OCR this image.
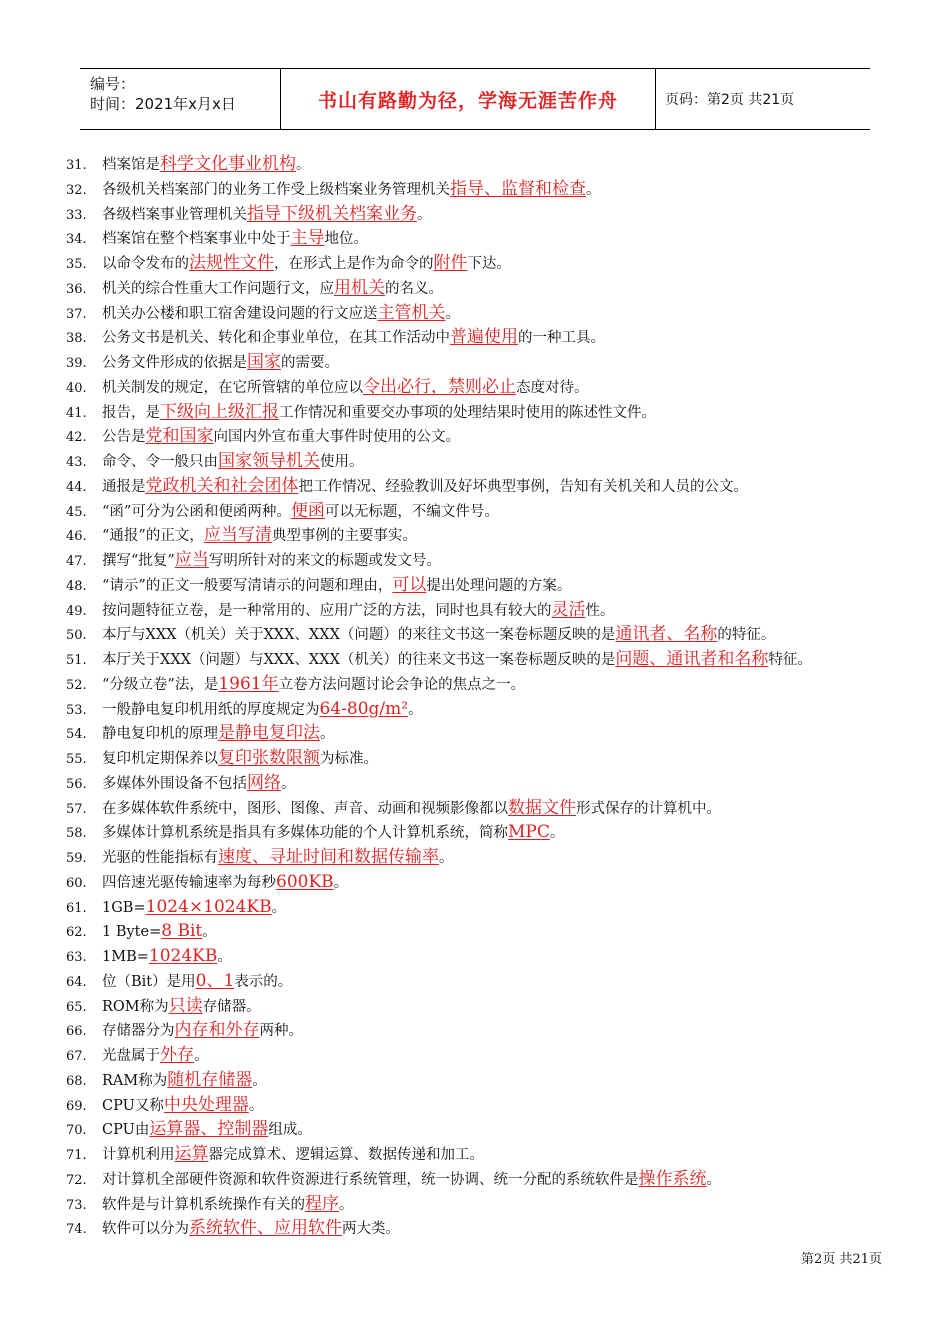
编号：
时间：2021年x月x日	书山有路勤为径，学海无涯苦作舟	页码：第2页 共21页
31. 档案馆是科学文化事业机构。
32. 各级机关档案部门的业务工作受上级档案业务管理机关指导、监督和检查。
33. 各级档案事业管理机关指导下级机关档案业务。
34. 档案馆在整个档案事业中处于主导地位。
35. 以命令发布的法规性文件，在形式上是作为命令的附件下达。
36. 机关的综合性重大工作问题行文，应用机关的名义。
37. 机关办公楼和职工宿舍建设问题的行文应送主管机关。
38. 公务文书是机关、转化和企事业单位，在其工作活动中普遍使用的一种工具。
39. 公务文件形成的依据是国家的需要。
40. 机关制发的规定，在它所管辖的单位应以令出必行，禁则必止态度对待。
41. 报告，是下级向上级汇报工作情况和重要交办事项的处理结果时使用的陈述性文件。
42. 公告是党和国家向国内外宣布重大事件时使用的公文。
43. 命令、令一般只由国家领导机关使用。
44. 通报是党政机关和社会团体把工作情况、经验教训及好坏典型事例，告知有关机关和人员的公文。
45. “函”可分为公函和便函两种。便函可以无标题，不编文件号。
46. “通报”的正文，应当写清典型事例的主要事实。
47. 撰写“批复”应当写明所针对的来文的标题或发文号。
48. “请示”的正文一般要写清请示的问题和理由，可以提出处理问题的方案。
49. 按问题特征立卷，是一种常用的、应用广泛的方法，同时也具有较大的灵活性。
50. 本厅与XXX（机关）关于XXX、XXX（问题）的来往文书这一案卷标题反映的是通讯者、名称的特征。
51. 本厅关于XXX（问题）与XXX、XXX（机关）的往来文书这一案卷标题反映的是问题、通讯者和名称特征。
52. “分级立卷”法，是1961年立卷方法问题讨论会争论的焦点之一。
53. 一般静电复印机用纸的厚度规定为64-80g/m²。
54. 静电复印机的原理是静电复印法。
55. 复印机定期保养以复印张数限额为标准。
56. 多媒体外围设备不包括网络。
57. 在多媒体软件系统中，图形、图像、声音、动画和视频影像都以数据文件形式保存的计算机中。
58. 多媒体计算机系统是指具有多媒体功能的个人计算机系统，简称MPC。
59. 光驱的性能指标有速度、寻址时间和数据传输率。
60. 四倍速光驱传输速率为每秒600KB。
61. 1GB=1024×1024KB。
62. 1 Byte=8 Bit。
63. 1MB=1024KB。
64. 位（Bit）是用0、1表示的。
65. ROM称为只读存储器。
66. 存储器分为内存和外存两种。
67. 光盘属于外存。
68. RAM称为随机存储器。
69. CPU又称中央处理器。
70. CPU由运算器、控制器组成。
71. 计算机利用运算器完成算术、逻辑运算、数据传递和加工。
72. 对计算机全部硬件资源和软件资源进行系统管理，统一协调、统一分配的系统软件是操作系统。
73. 软件是与计算机系统操作有关的程序。
74. 软件可以分为系统软件、应用软件两大类。
第2页 共21页
